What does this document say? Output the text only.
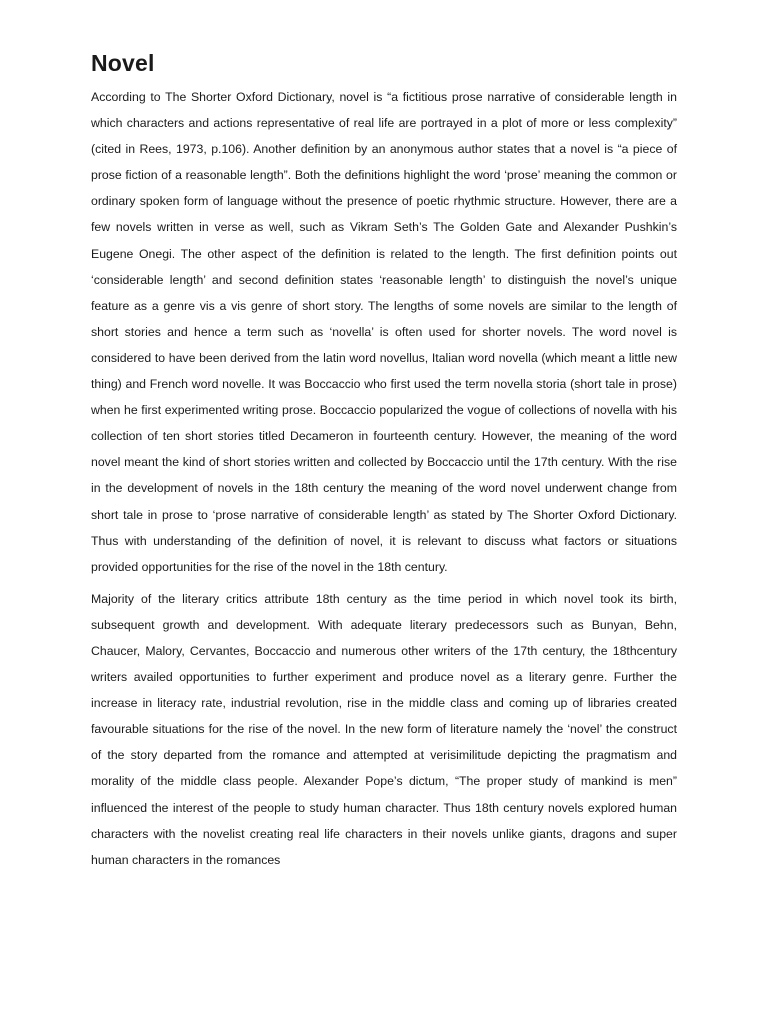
Novel

According to The Shorter Oxford Dictionary, novel is “a fictitious prose narrative of considerable length in which characters and actions representative of real life are portrayed in a plot of more or less complexity” (cited in Rees, 1973, p.106). Another definition by an anonymous author states that a novel is “a piece of prose fiction of a reasonable length”. Both the definitions highlight the word ‘prose’ meaning the common or ordinary spoken form of language without the presence of poetic rhythmic structure. However, there are a few novels written in verse as well, such as Vikram Seth’s The Golden Gate and Alexander Pushkin’s Eugene Onegi. The other aspect of the definition is related to the length. The first definition points out ‘considerable length’ and second definition states ‘reasonable length’ to distinguish the novel’s unique feature as a genre vis a vis genre of short story. The lengths of some novels are similar to the length of short stories and hence a term such as ‘novella’ is often used for shorter novels. The word novel is considered to have been derived from the latin word novellus, Italian word novella (which meant a little new thing) and French word novelle. It was Boccaccio who first used the term novella storia (short tale in prose) when he first experimented writing prose. Boccaccio popularized the vogue of collections of novella with his collection of ten short stories titled Decameron in fourteenth century. However, the meaning of the word novel meant the kind of short stories written and collected by Boccaccio until the 17th century. With the rise in the development of novels in the 18th century the meaning of the word novel underwent change from short tale in prose to ‘prose narrative of considerable length’ as stated by The Shorter Oxford Dictionary. Thus with understanding of the definition of novel, it is relevant to discuss what factors or situations provided opportunities for the rise of the novel in the 18th century.

Majority of the literary critics attribute 18th century as the time period in which novel took its birth, subsequent growth and development. With adequate literary predecessors such as Bunyan, Behn, Chaucer, Malory, Cervantes, Boccaccio and numerous other writers of the 17th century, the 18thcentury writers availed opportunities to further experiment and produce novel as a literary genre. Further the increase in literacy rate, industrial revolution, rise in the middle class and coming up of libraries created favourable situations for the rise of the novel. In the new form of literature namely the ‘novel’ the construct of the story departed from the romance and attempted at verisimilitude depicting the pragmatism and morality of the middle class people. Alexander Pope’s dictum, “The proper study of mankind is men” influenced the interest of the people to study human character. Thus 18th century novels explored human characters with the novelist creating real life characters in their novels unlike giants, dragons and super human characters in the romances
